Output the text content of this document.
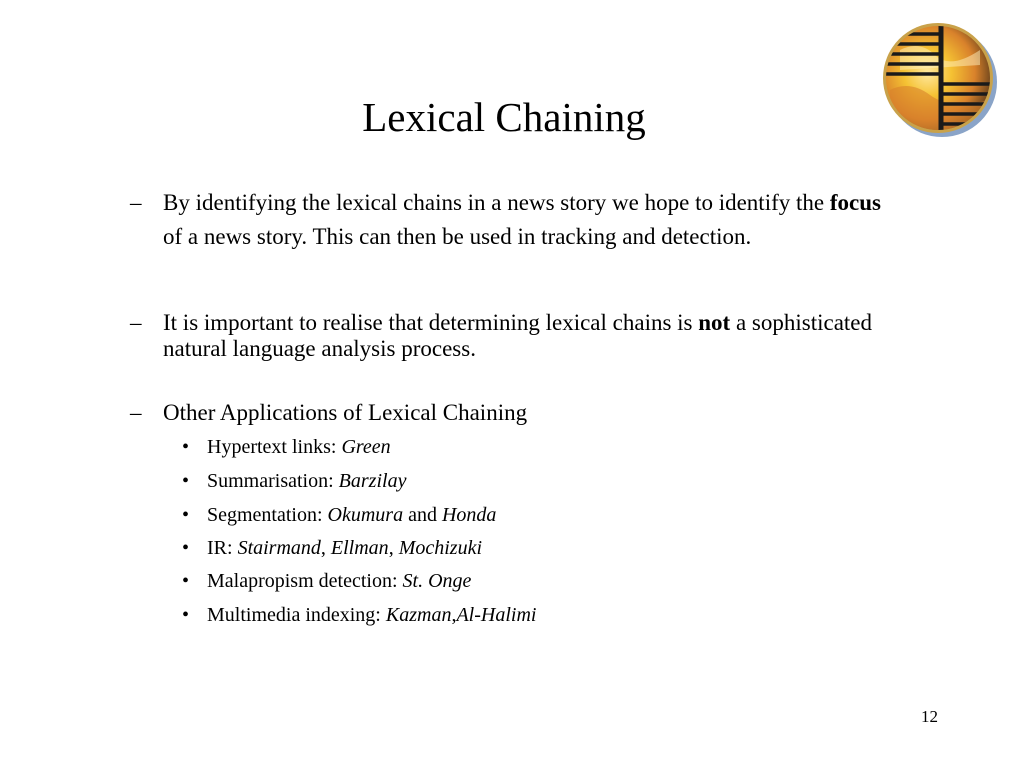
Lexical Chaining
– By identifying the lexical chains in a news story we hope to identify the focus of a news story. This can then be used in tracking and detection.
– It is important to realise that determining lexical chains is not a sophisticated natural language analysis process.
– Other Applications of Lexical Chaining
• Hypertext links: Green
• Summarisation: Barzilay
• Segmentation: Okumura and Honda
• IR: Stairmand, Ellman, Mochizuki
• Malapropism detection: St. Onge
• Multimedia indexing: Kazman,Al-Halimi
12
